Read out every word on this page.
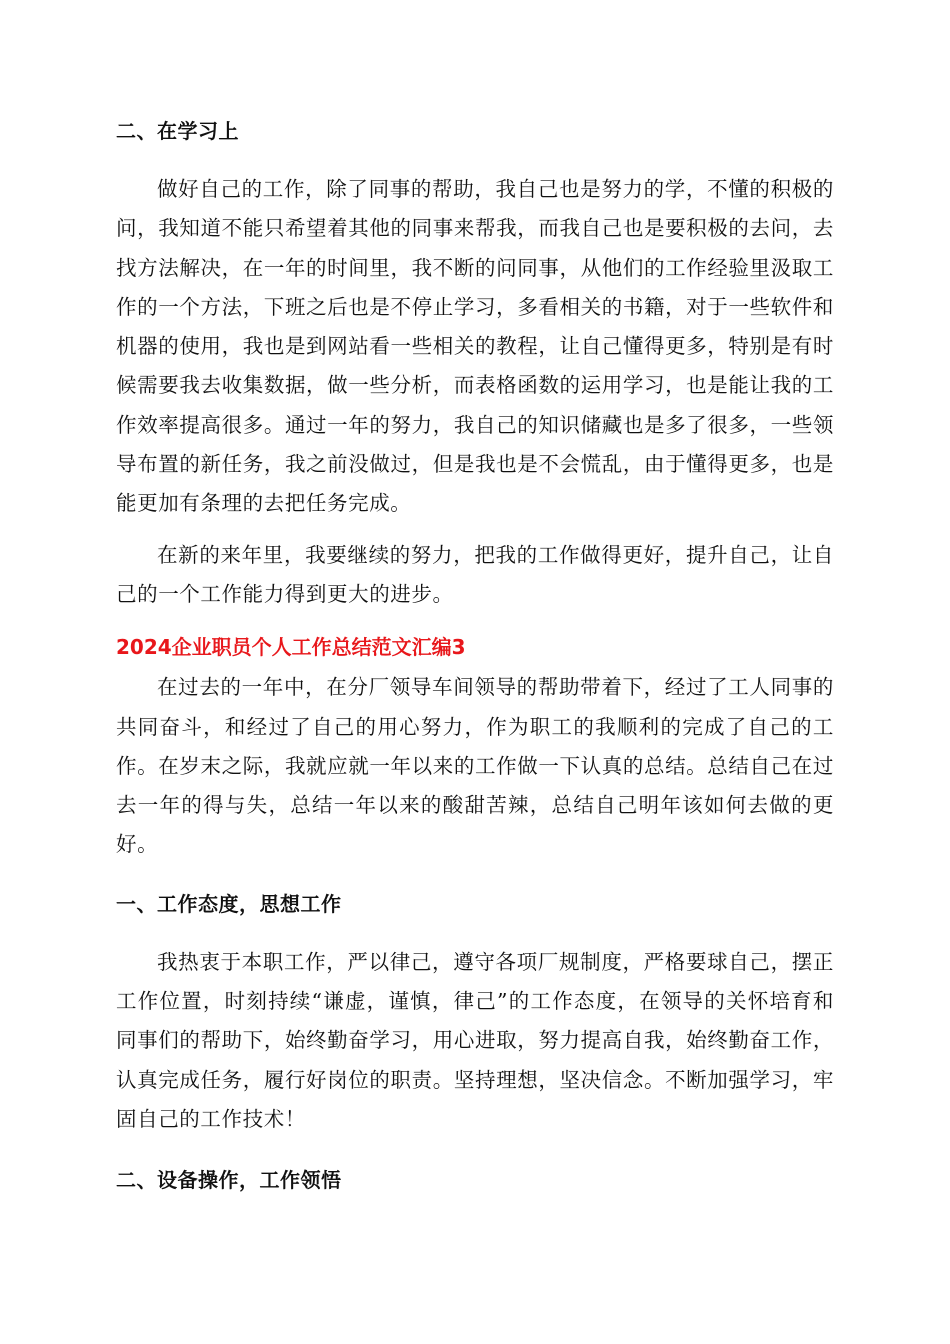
二、在学习上

做好自己的工作，除了同事的帮助，我自己也是努力的学，不懂的积极的问，我知道不能只希望着其他的同事来帮我，而我自己也是要积极的去问，去找方法解决，在一年的时间里，我不断的问同事，从他们的工作经验里汲取工作的一个方法，下班之后也是不停止学习，多看相关的书籍，对于一些软件和机器的使用，我也是到网站看一些相关的教程，让自己懂得更多，特别是有时候需要我去收集数据，做一些分析，而表格函数的运用学习，也是能让我的工作效率提高很多。通过一年的努力，我自己的知识储藏也是多了很多，一些领导布置的新任务，我之前没做过，但是我也是不会慌乱，由于懂得更多，也是能更加有条理的去把任务完成。

在新的来年里，我要继续的努力，把我的工作做得更好，提升自己，让自己的一个工作能力得到更大的进步。

2024企业职员个人工作总结范文汇编3

在过去的一年中，在分厂领导车间领导的帮助带着下，经过了工人同事的共同奋斗，和经过了自己的用心努力，作为职工的我顺利的完成了自己的工作。在岁末之际，我就应就一年以来的工作做一下认真的总结。总结自己在过去一年的得与失，总结一年以来的酸甜苦辣，总结自己明年该如何去做的更好。

一、工作态度，思想工作

我热衷于本职工作，严以律己，遵守各项厂规制度，严格要球自己，摆正工作位置，时刻持续“谦虚，谨慎，律己”的工作态度，在领导的关怀培育和同事们的帮助下，始终勤奋学习，用心进取，努力提高自我，始终勤奋工作，认真完成任务，履行好岗位的职责。坚持理想，坚决信念。不断加强学习，牢固自己的工作技术！

二、设备操作，工作领悟
